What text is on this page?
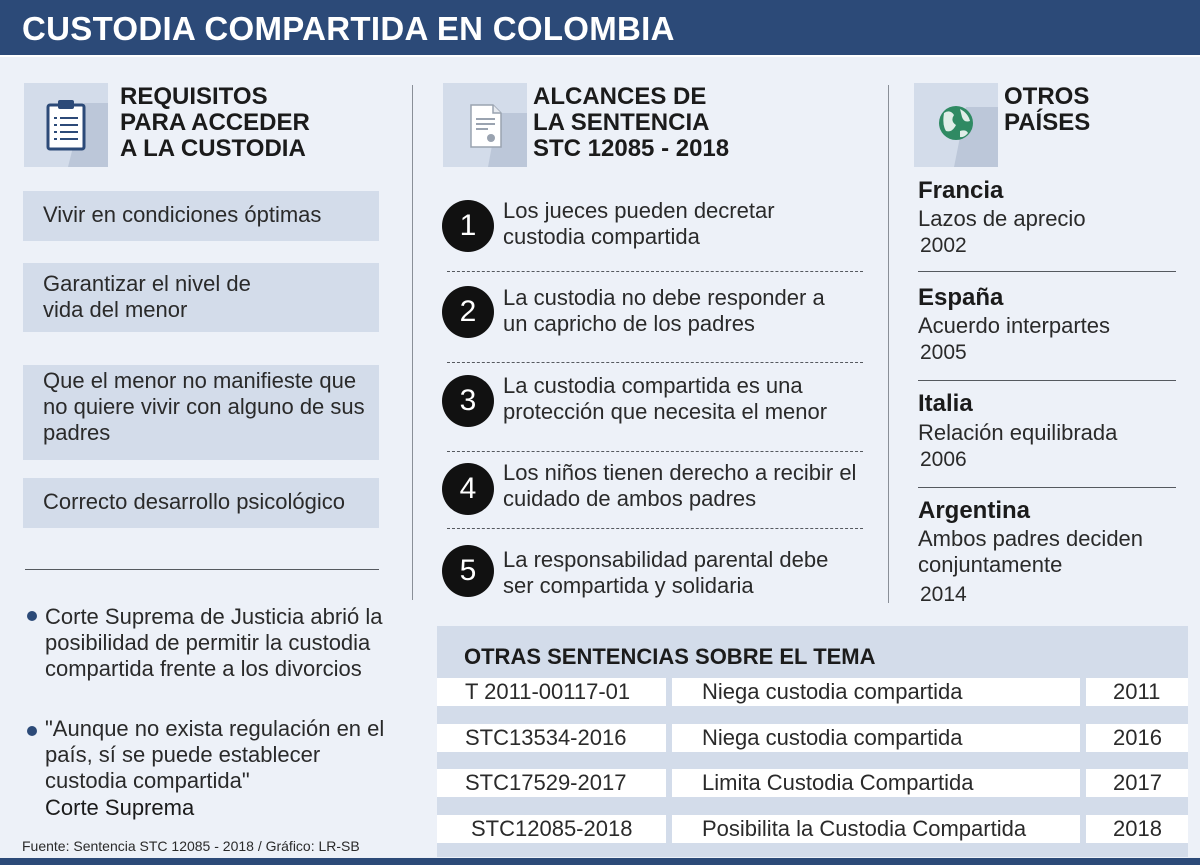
CUSTODIA COMPARTIDA EN COLOMBIA
REQUISITOS
PARA ACCEDER
A LA CUSTODIA
Vivir en condiciones óptimas
Garantizar el nivel de vida del menor
Que el menor no manifieste que no quiere vivir con alguno de sus padres
Correcto desarrollo psicológico
Corte Suprema de Justicia abrió la posibilidad de permitir la custodia compartida frente a los divorcios
"Aunque no exista regulación en el país, sí se puede establecer custodia compartida"
Corte Suprema
Fuente: Sentencia STC 12085 - 2018 / Gráfico: LR-SB
ALCANCES DE
LA SENTENCIA
STC 12085 - 2018
1	Los jueces pueden decretar custodia compartida
2	La custodia no debe responder a un capricho de los padres
3	La custodia compartida es una protección que necesita el menor
4	Los niños tienen derecho a recibir el cuidado de ambos padres
5	La responsabilidad parental debe ser compartida y solidaria
OTROS
PAÍSES
Francia
Lazos de aprecio
2002
España
Acuerdo interpartes
2005
Italia
Relación equilibrada
2006
Argentina
Ambos padres deciden conjuntamente
2014
OTRAS SENTENCIAS SOBRE EL TEMA
T 2011-00117-01	Niega custodia compartida	2011
STC13534-2016	Niega custodia compartida	2016
STC17529-2017	Limita Custodia Compartida	2017
STC12085-2018	Posibilita la Custodia Compartida	2018
